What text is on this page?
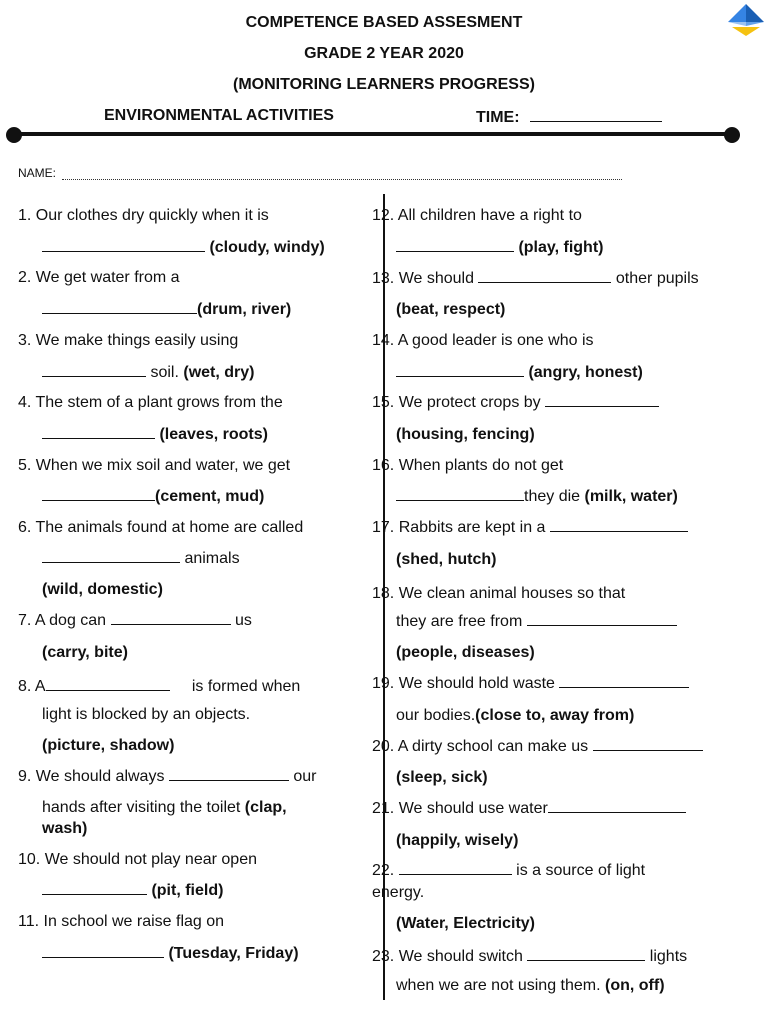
COMPETENCE BASED ASSESMENT
GRADE 2 YEAR 2020
(MONITORING LEARNERS PROGRESS)
ENVIRONMENTAL ACTIVITIES	TIME:
NAME:
1. Our clothes dry quickly when it is
(cloudy, windy)
2. We get water from a
(drum, river)
3. We make things easily using
soil. (wet, dry)
4. The stem of a plant grows from the
(leaves, roots)
5. When we mix soil and water, we get
(cement, mud)
6. The animals found at home are called
animals
(wild, domestic)
7. A dog can	us
(carry, bite)
8. A	is formed when
light is blocked by an objects.
(picture, shadow)
9. We should always	our
hands after visiting the toilet (clap,
wash)
10. We should not play near open
(pit, field)
11. In school we raise flag on
(Tuesday, Friday)
12. All children have a right to
(play, fight)
13. We should	other pupils
(beat, respect)
14. A good leader is one who is
(angry, honest)
15. We protect crops by
(housing, fencing)
16. When plants do not get
they die (milk, water)
17. Rabbits are kept in a
(shed, hutch)
18. We clean animal houses so that
they are free from
(people, diseases)
19. We should hold waste
our bodies.(close to, away from)
20. A dirty school can make us
(sleep, sick)
21. We should use water
(happily, wisely)
22.	is a source of light
energy.
(Water, Electricity)
23. We should switch	lights
when we are not using them. (on, off)
